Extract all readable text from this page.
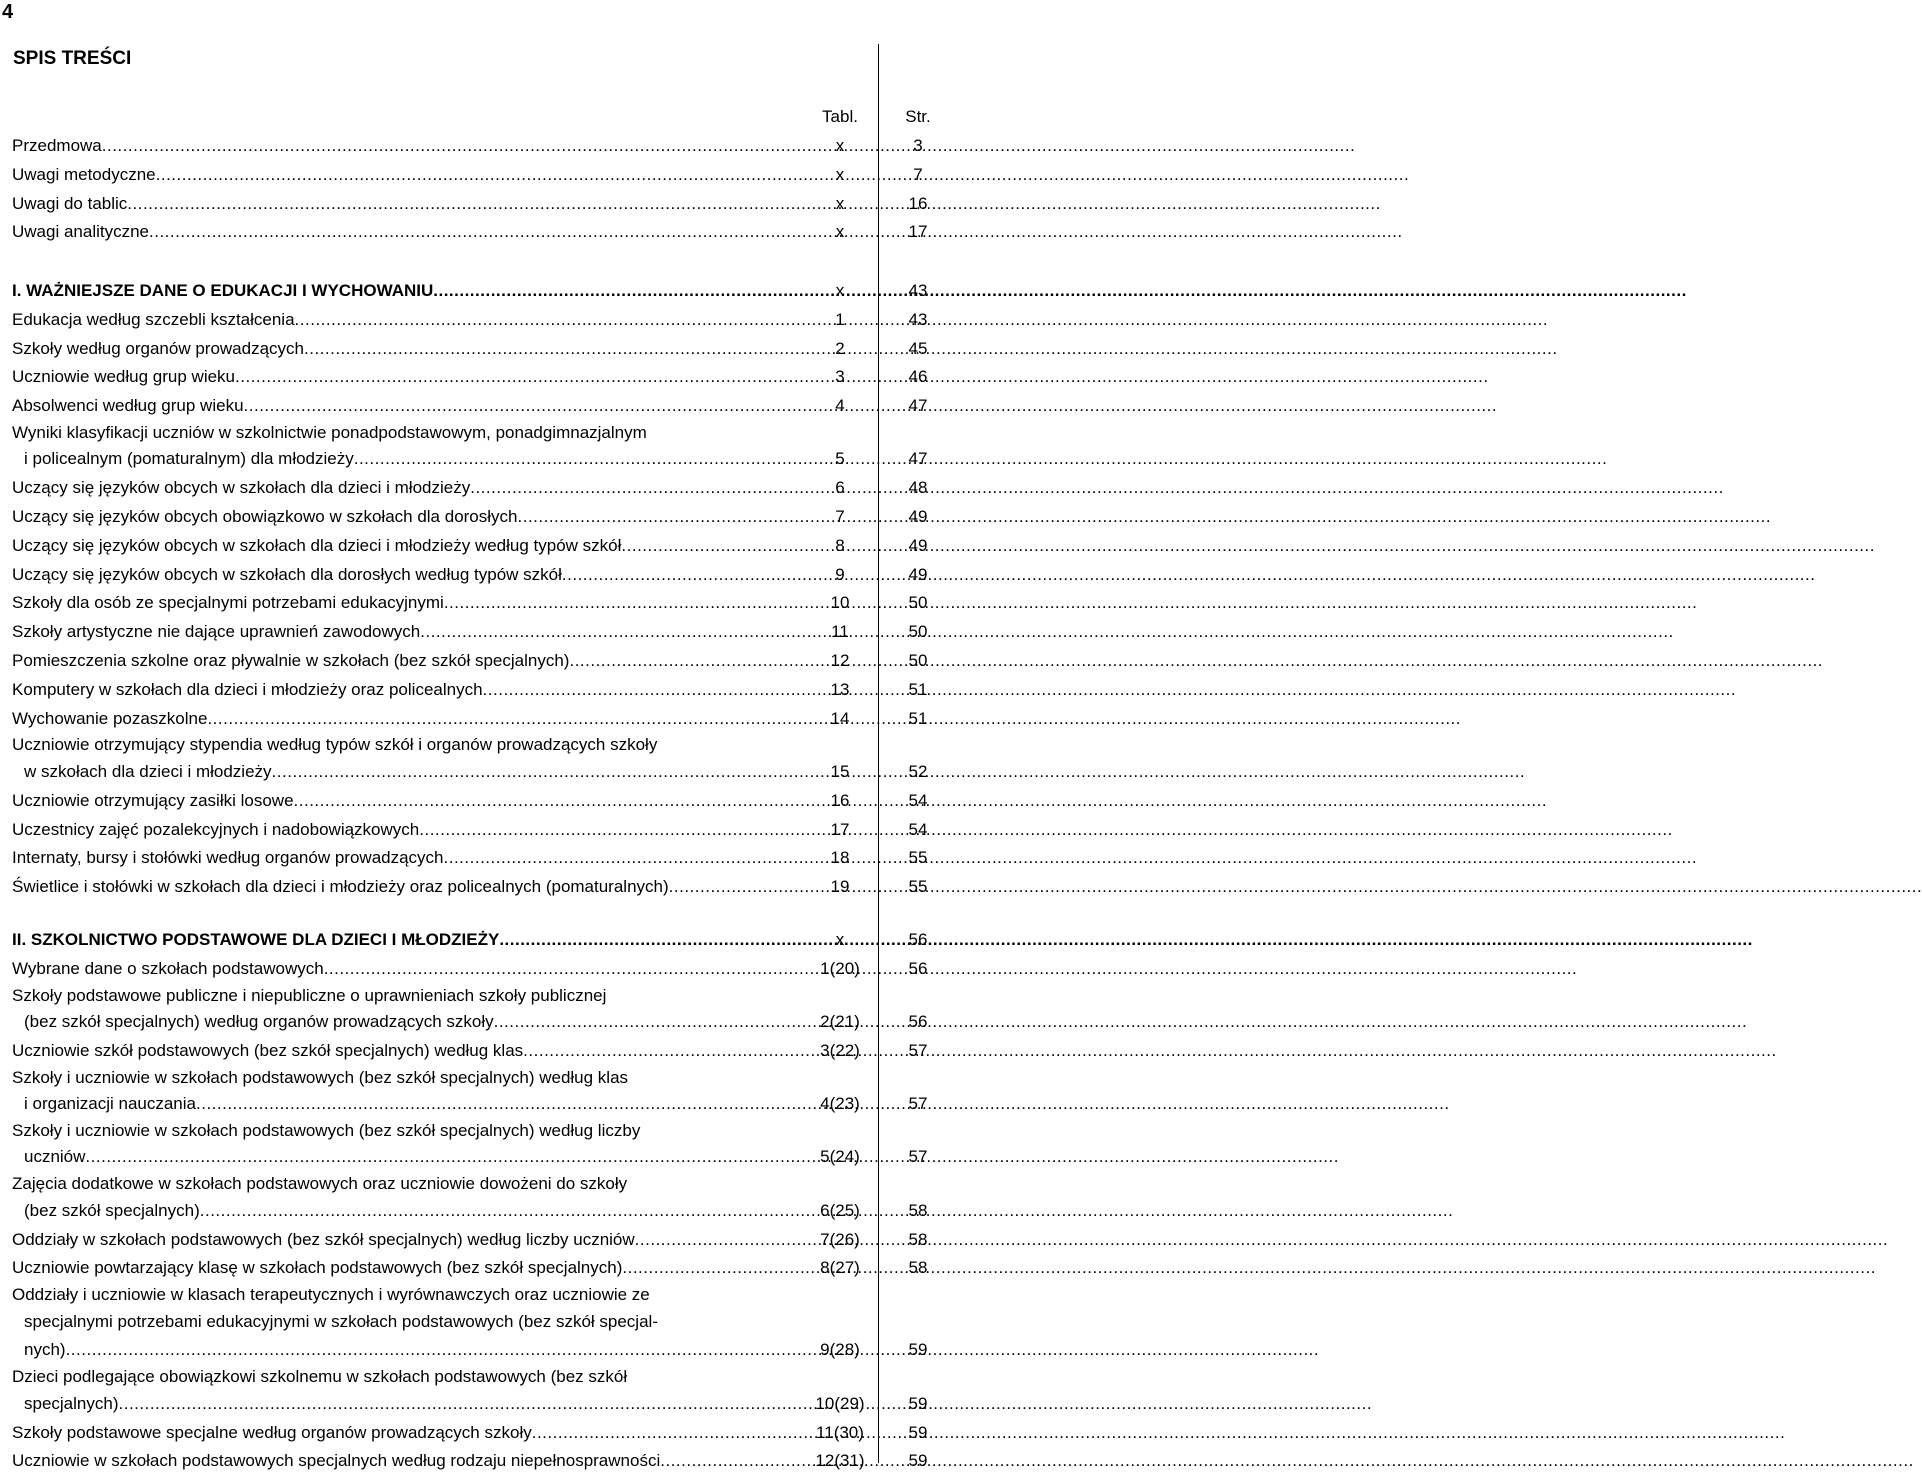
4
SPIS TREŚCI
Tabl.	Str.
Przedmowa .....	x	3
Uwagi metodyczne .....	x	7
Uwagi do tablic .....	x	16
Uwagi analityczne .....	x	17
I. WAŻNIEJSZE DANE O EDUKACJI I WYCHOWANIU .....	x	43
Edukacja według szczebli kształcenia .....	1	43
Szkoły według organów prowadzących .....	2	45
Uczniowie według grup wieku .....	3	46
Absolwenci według grup wieku .....	4	47
Wyniki klasyfikacji uczniów w szkolnictwie ponadpodstawowym, ponadgimnazjalnym
i policealnym (pomaturalnym) dla młodzieży .....	5	47
Uczący się języków obcych w szkołach dla dzieci i młodzieży .....	6	48
Uczący się języków obcych obowiązkowo w szkołach dla dorosłych .....	7	49
Uczący się języków obcych w szkołach dla dzieci i młodzieży według typów szkół .....	8	49
Uczący się języków obcych w szkołach dla dorosłych według typów szkół .....	9	49
Szkoły dla osób ze specjalnymi potrzebami edukacyjnymi .....	10	50
Szkoły artystyczne nie dające uprawnień zawodowych .....	11	50
Pomieszczenia szkolne oraz pływalnie w szkołach (bez szkół specjalnych) .....	12	50
Komputery w szkołach dla dzieci i młodzieży oraz policealnych .....	13	51
Wychowanie pozaszkolne .....	14	51
Uczniowie otrzymujący stypendia według typów szkół i organów prowadzących szkoły
w szkołach dla dzieci i młodzieży .....	15	52
Uczniowie otrzymujący zasiłki losowe .....	16	54
Uczestnicy zajęć pozalekcyjnych i nadobowiązkowych .....	17	54
Internaty, bursy i stołówki według organów prowadzących .....	18	55
Świetlice i stołówki w szkołach dla dzieci i młodzieży oraz policealnych (pomaturalnych) .....	19	55
II. SZKOLNICTWO PODSTAWOWE DLA DZIECI I MŁODZIEŻY .....	x	56
Wybrane dane o szkołach podstawowych .....	1(20)	56
Szkoły podstawowe publiczne i niepubliczne o uprawnieniach szkoły publicznej
(bez szkół specjalnych) według organów prowadzących szkoły .....	2(21)	56
Uczniowie szkół podstawowych (bez szkół specjalnych) według klas .....	3(22)	57
Szkoły i uczniowie w szkołach podstawowych (bez szkół specjalnych) według klas
i organizacji nauczania .....	4(23)	57
Szkoły i uczniowie w szkołach podstawowych (bez szkół specjalnych) według liczby
uczniów .....	5(24)	57
Zajęcia dodatkowe w szkołach podstawowych oraz uczniowie dowożeni do szkoły
(bez szkół specjalnych) .....	6(25)	58
Oddziały w szkołach podstawowych (bez szkół specjalnych) według liczby uczniów .....	7(26)	58
Uczniowie powtarzający klasę w szkołach podstawowych (bez szkół specjalnych) .....	8(27)	58
Oddziały i uczniowie w klasach terapeutycznych i wyrównawczych oraz uczniowie ze
specjalnymi potrzebami edukacyjnymi w szkołach podstawowych (bez szkół specjal-
nych) .....	9(28)	59
Dzieci podlegające obowiązkowi szkolnemu w szkołach podstawowych (bez szkół
specjalnych) .....	10(29)	59
Szkoły podstawowe specjalne według organów prowadzących szkoły .....	11(30)	59
Uczniowie w szkołach podstawowych specjalnych według rodzaju niepełnosprawności .....	12(31)	59
